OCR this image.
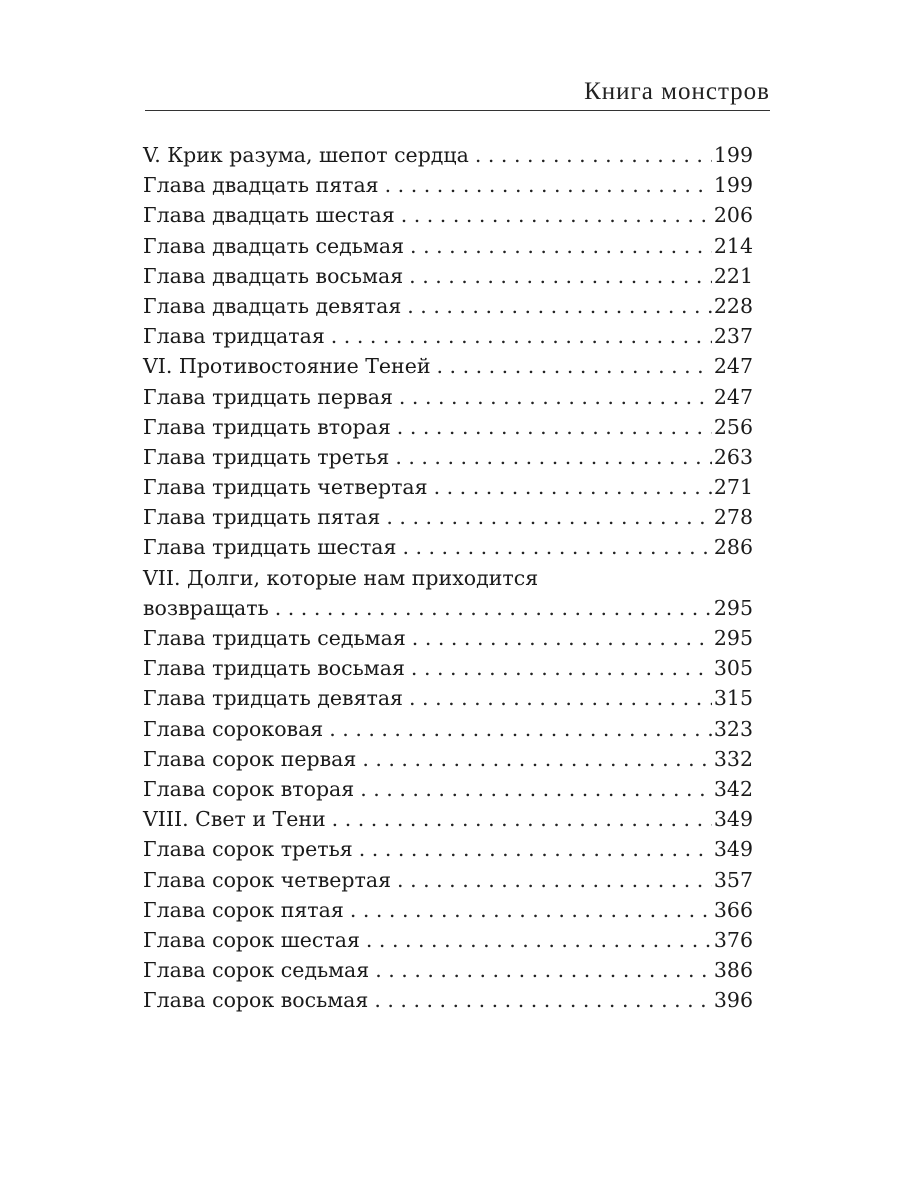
Книга монстров
V. Крик разума, шепот сердца . . .	199
Глава двадцать пятая . . .	199
Глава двадцать шестая . . .	206
Глава двадцать седьмая . . .	214
Глава двадцать восьмая . . .	221
Глава двадцать девятая . . .	228
Глава тридцатая . . .	237
VI. Противостояние Теней . . .	247
Глава тридцать первая . . .	247
Глава тридцать вторая . . .	256
Глава тридцать третья . . .	263
Глава тридцать четвертая . . .	271
Глава тридцать пятая . . .	278
Глава тридцать шестая . . .	286
VII. Долги, которые нам приходится
возвращать . . .	295
Глава тридцать седьмая . . .	295
Глава тридцать восьмая . . .	305
Глава тридцать девятая . . .	315
Глава сороковая . . .	323
Глава сорок первая . . .	332
Глава сорок вторая . . .	342
VIII. Свет и Тени . . .	349
Глава сорок третья . . .	349
Глава сорок четвертая . . .	357
Глава сорок пятая . . .	366
Глава сорок шестая . . .	376
Глава сорок седьмая . . .	386
Глава сорок восьмая . . .	396
